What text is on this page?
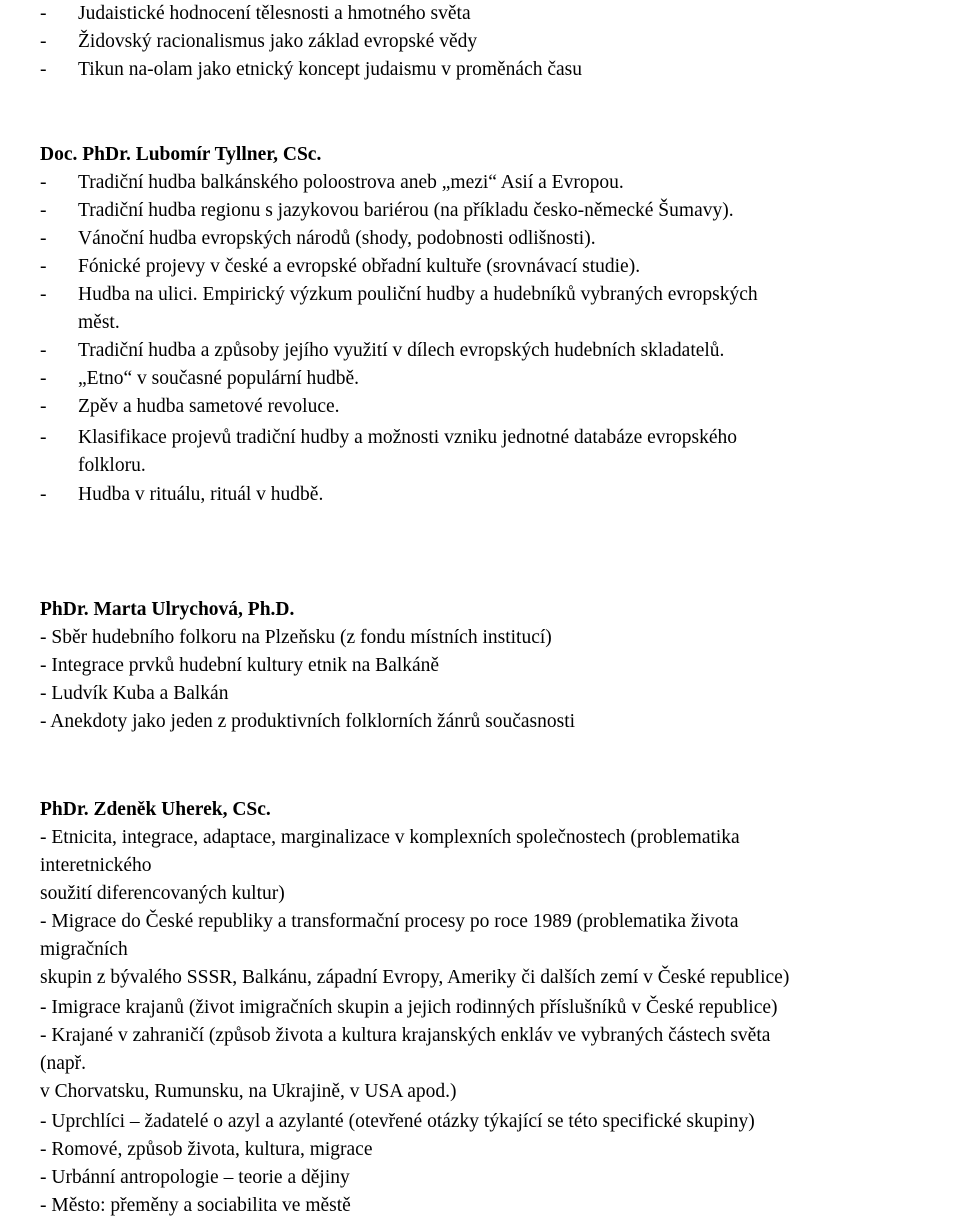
- Judaistické hodnocení tělesnosti a hmotného světa
- Židovský racionalismus jako základ evropské vědy
- Tikun na-olam jako etnický koncept judaismu v proměnách času
Doc. PhDr. Lubomír Tyllner, CSc.
- Tradiční hudba balkánského poloostrova aneb „mezi“ Asií a Evropou.
- Tradiční hudba regionu s jazykovou bariérou (na příkladu česko-německé Šumavy).
- Vánoční hudba evropských národů (shody, podobnosti odlišnosti).
- Fónické projevy v české a evropské obřadní kultuře (srovnávací studie).
- Hudba na ulici. Empirický výzkum pouliční hudby a hudebníků vybraných evropských
měst.
- Tradiční hudba a způsoby jejího využití v dílech evropských hudebních skladatelů.
- „Etno“ v současné populární hudbě.
- Zpěv a hudba sametové revoluce.
- Klasifikace projevů tradiční hudby a možnosti vzniku jednotné databáze evropského
folkloru.
- Hudba v rituálu, rituál v hudbě.
PhDr. Marta Ulrychová, Ph.D.
- Sběr hudebního folkoru na Plzeňsku (z fondu místních institucí)
- Integrace prvků hudební kultury etnik na Balkáně
- Ludvík Kuba a Balkán
- Anekdoty jako jeden z produktivních folklorních žánrů současnosti
PhDr. Zdeněk Uherek, CSc.
- Etnicita, integrace, adaptace, marginalizace v komplexních společnostech (problematika
interetnického
soužití diferencovaných kultur)
- Migrace do České republiky a transformační procesy po roce 1989 (problematika života
migračních
skupin z bývalého SSSR, Balkánu, západní Evropy, Ameriky či dalších zemí v České republice)
- Imigrace krajanů (život imigračních skupin a jejich rodinných příslušníků v České republice)
- Krajané v zahraničí (způsob života a kultura krajanských enkláv ve vybraných částech světa
(např.
v Chorvatsku, Rumunsku, na Ukrajině, v USA apod.)
- Uprchlíci – žadatelé o azyl a azylanté (otevřené otázky týkající se této specifické skupiny)
- Romové, způsob života, kultura, migrace
- Urbánní antropologie – teorie a dějiny
- Město: přeměny a sociabilita ve městě
